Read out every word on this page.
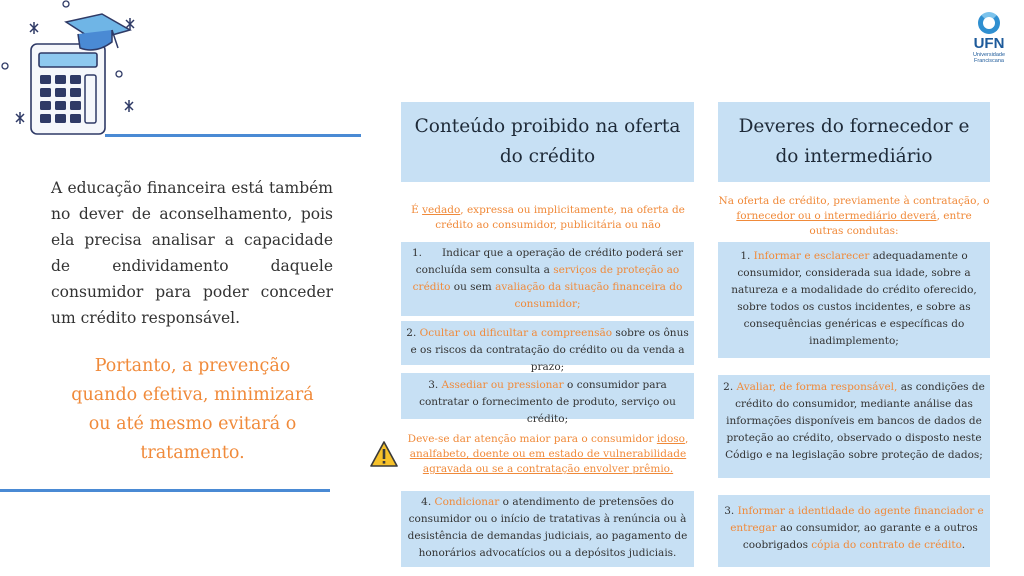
UFN
Universidade
Franciscana

A educação financeira está também no dever de aconselhamento, pois ela precisa analisar a capacidade de endividamento daquele consumidor para poder conceder um crédito responsável.

Portanto, a prevenção quando efetiva, minimizará ou até mesmo evitará o tratamento.

Conteúdo proibido na oferta do crédito
É vedado, expressa ou implicitamente, na oferta de crédito ao consumidor, publicitária ou não
1.      Indicar que a operação de crédito poderá ser concluída sem consulta a serviços de proteção ao crédito ou sem avaliação da situação financeira do consumidor;
2. Ocultar ou dificultar a compreensão sobre os ônus e os riscos da contratação do crédito ou da venda a prazo;
3. Assediar ou pressionar o consumidor para contratar o fornecimento de produto, serviço ou crédito;
Deve-se dar atenção maior para o consumidor idoso, analfabeto, doente ou em estado de vulnerabilidade agravada ou se a contratação envolver prêmio.
4. Condicionar o atendimento de pretensões do consumidor ou o início de tratativas à renúncia ou à desistência de demandas judiciais, ao pagamento de honorários advocatícios ou a depósitos judiciais.
Deveres do fornecedor e do intermediário
Na oferta de crédito, previamente à contratação, o fornecedor ou o intermediário deverá, entre outras condutas:
1. Informar e esclarecer adequadamente o consumidor, considerada sua idade, sobre a natureza e a modalidade do crédito oferecido, sobre todos os custos incidentes, e sobre as consequências genéricas e específicas do inadimplemento;
2. Avaliar, de forma responsável, as condições de crédito do consumidor, mediante análise das informações disponíveis em bancos de dados de proteção ao crédito, observado o disposto neste Código e na legislação sobre proteção de dados;
3. Informar a identidade do agente financiador e entregar ao consumidor, ao garante e a outros coobrigados cópia do contrato de crédito.
